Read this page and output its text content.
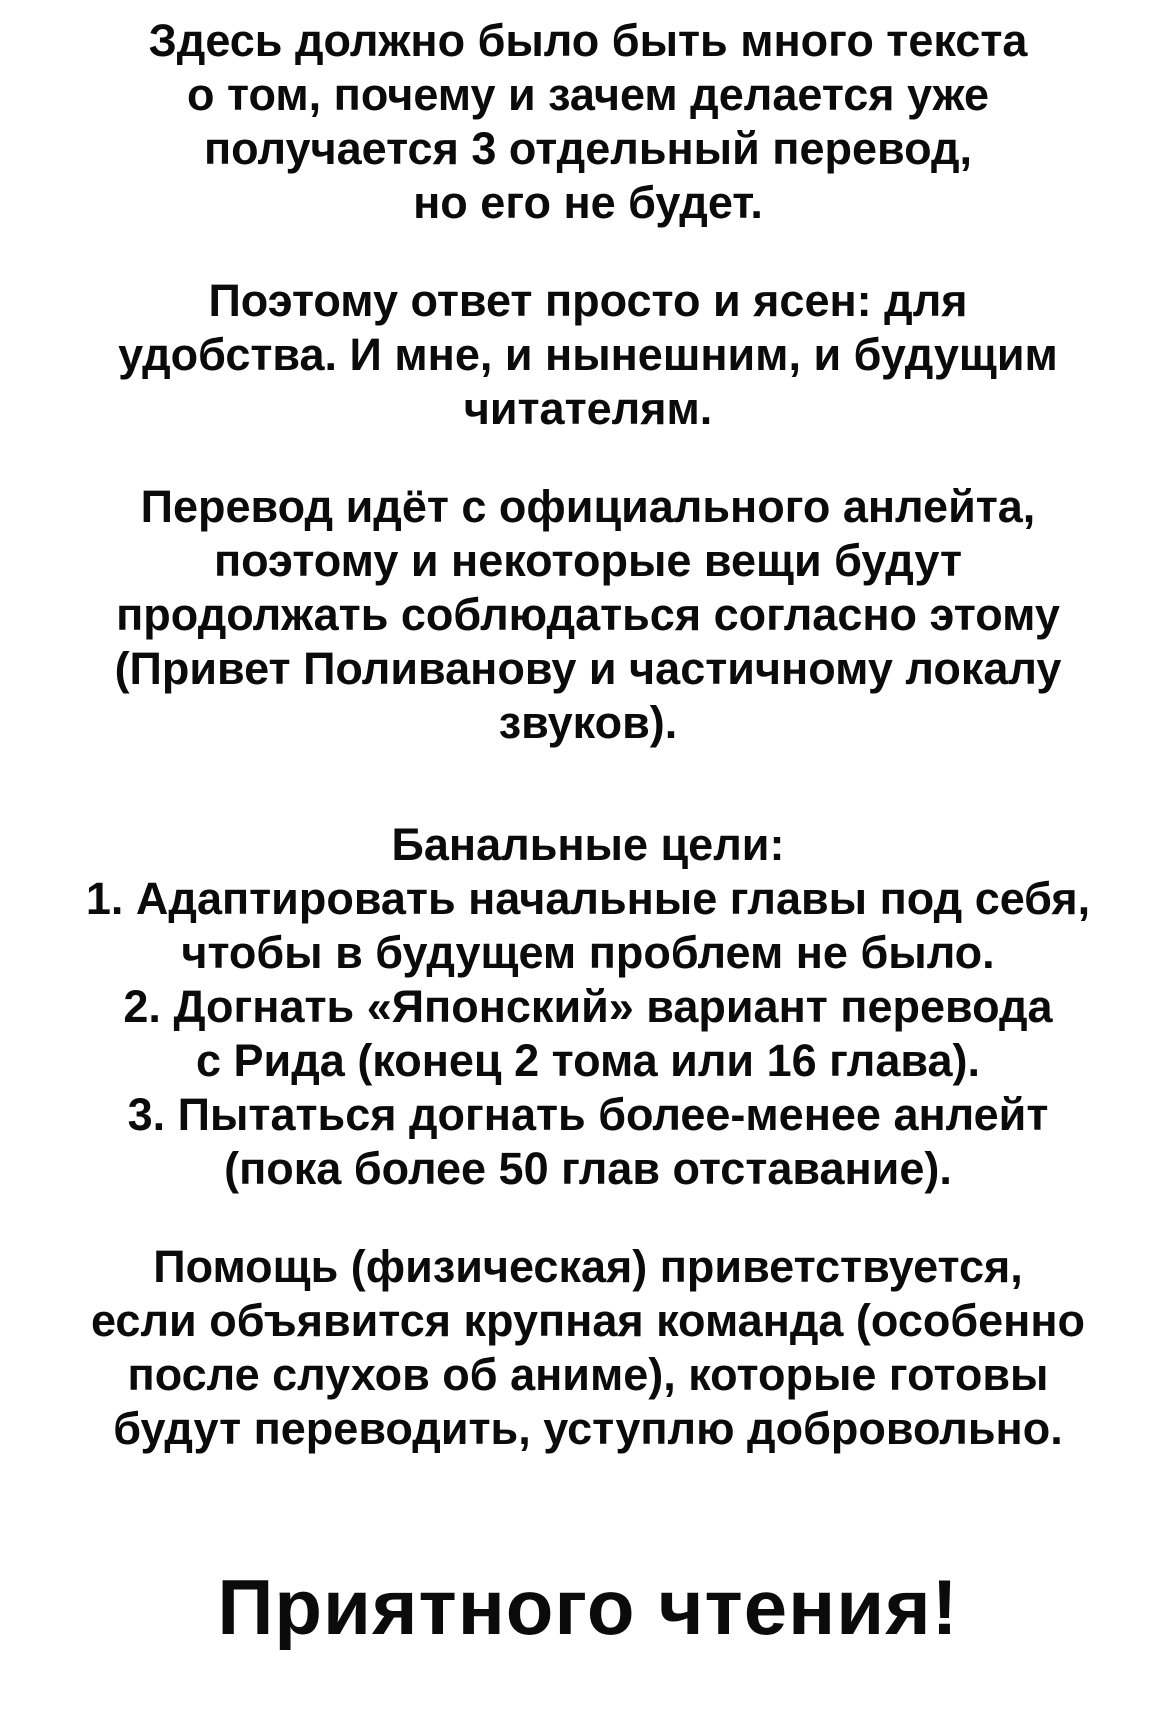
Здесь должно было быть много текста
о том, почему и зачем делается уже
получается 3 отдельный перевод,
но его не будет.
Поэтому ответ просто и ясен: для
удобства. И мне, и нынешним, и будущим
читателям.
Перевод идёт с официального анлейта,
поэтому и некоторые вещи будут
продолжать соблюдаться согласно этому
(Привет Поливанову и частичному локалу
звуков).
Банальные цели:
1. Адаптировать начальные главы под себя,
чтобы в будущем проблем не было.
2. Догнать «Японский» вариант перевода
с Рида (конец 2 тома или 16 глава).
3. Пытаться догнать более-менее анлейт
(пока более 50 глав отставание).
Помощь (физическая) приветствуется,
если объявится крупная команда (особенно
после слухов об аниме), которые готовы
будут переводить, уступлю добровольно.
Приятного чтения!
